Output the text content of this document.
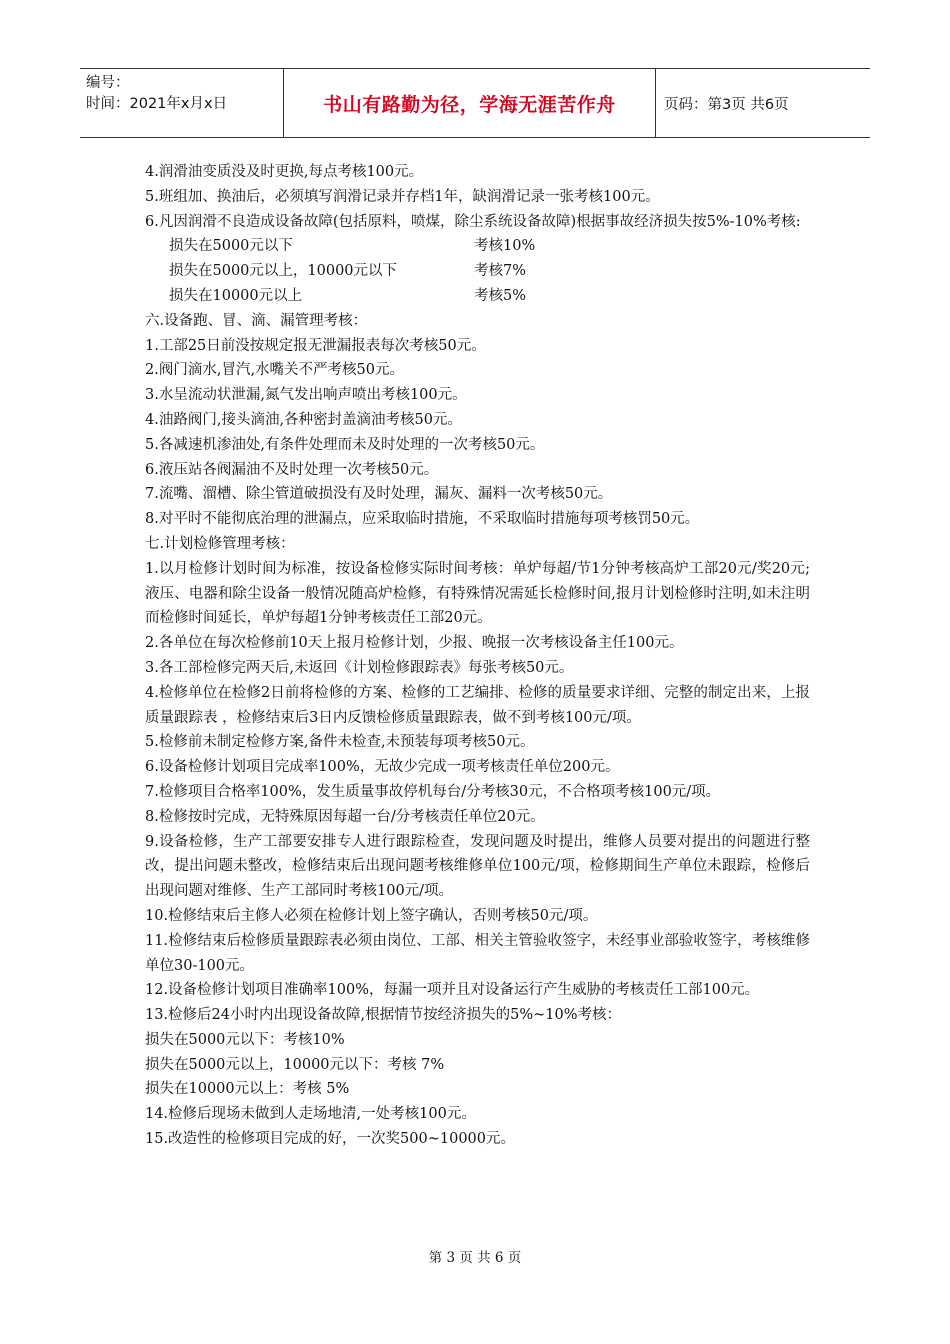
编号：
时间：2021年x月x日	书山有路勤为径，学海无涯苦作舟	页码：第3页 共6页

4.润滑油变质没及时更换,每点考核100元。

5.班组加、换油后，必须填写润滑记录并存档1年，缺润滑记录一张考核100元。

6.凡因润滑不良造成设备故障(包括原料，喷煤，除尘系统设备故障)根据事故经济损失按5%-10%考核:

损失在5000元以下	考核10%
损失在5000元以上，10000元以下	考核7%
损失在10000元以上	考核5%

六.设备跑、冒、滴、漏管理考核：

1.工部25日前没按规定报无泄漏报表每次考核50元。

2.阀门滴水,冒汽,水嘴关不严考核50元。

3.水呈流动状泄漏,氮气发出响声喷出考核100元。

4.油路阀门,接头滴油,各种密封盖滴油考核50元。

5.各减速机渗油处,有条件处理而未及时处理的一次考核50元。

6.液压站各阀漏油不及时处理一次考核50元。

7.流嘴、溜槽、除尘管道破损没有及时处理，漏灰、漏料一次考核50元。

8.对平时不能彻底治理的泄漏点，应采取临时措施，不采取临时措施每项考核罚50元。

七.计划检修管理考核：

1.以月检修计划时间为标准，按设备检修实际时间考核：单炉每超/节1分钟考核高炉工部20元/奖20元;液压、电器和除尘设备一般情况随高炉检修，有特殊情况需延长检修时间,报月计划检修时注明,如未注明而检修时间延长，单炉每超1分钟考核责任工部20元。

2.各单位在每次检修前10天上报月检修计划，少报、晚报一次考核设备主任100元。

3.各工部检修完两天后,未返回《计划检修跟踪表》每张考核50元。

4.检修单位在检修2日前将检修的方案、检修的工艺编排、检修的质量要求详细、完整的制定出来，上报质量跟踪表 ，检修结束后3日内反馈检修质量跟踪表，做不到考核100元/项。

5.检修前未制定检修方案,备件未检查,未预装每项考核50元。

6.设备检修计划项目完成率100%，无故少完成一项考核责任单位200元。

7.检修项目合格率100%，发生质量事故停机每台/分考核30元，不合格项考核100元/项。

8.检修按时完成，无特殊原因每超一台/分考核责任单位20元。

9.设备检修，生产工部要安排专人进行跟踪检查，发现问题及时提出，维修人员要对提出的问题进行整改，提出问题未整改，检修结束后出现问题考核维修单位100元/项，检修期间生产单位未跟踪，检修后出现问题对维修、生产工部同时考核100元/项。

10.检修结束后主修人必须在检修计划上签字确认，否则考核50元/项。

11.检修结束后检修质量跟踪表必须由岗位、工部、相关主管验收签字，未经事业部验收签字，考核维修单位30-100元。

12.设备检修计划项目准确率100%，每漏一项并且对设备运行产生威胁的考核责任工部100元。

13.检修后24小时内出现设备故障,根据情节按经济损失的5%~10%考核：

损失在5000元以下：考核10%

损失在5000元以上，10000元以下：考核 7%

损失在10000元以上：考核 5%

14.检修后现场未做到人走场地清,一处考核100元。

15.改造性的检修项目完成的好，一次奖500~10000元。

第 3 页 共 6 页
